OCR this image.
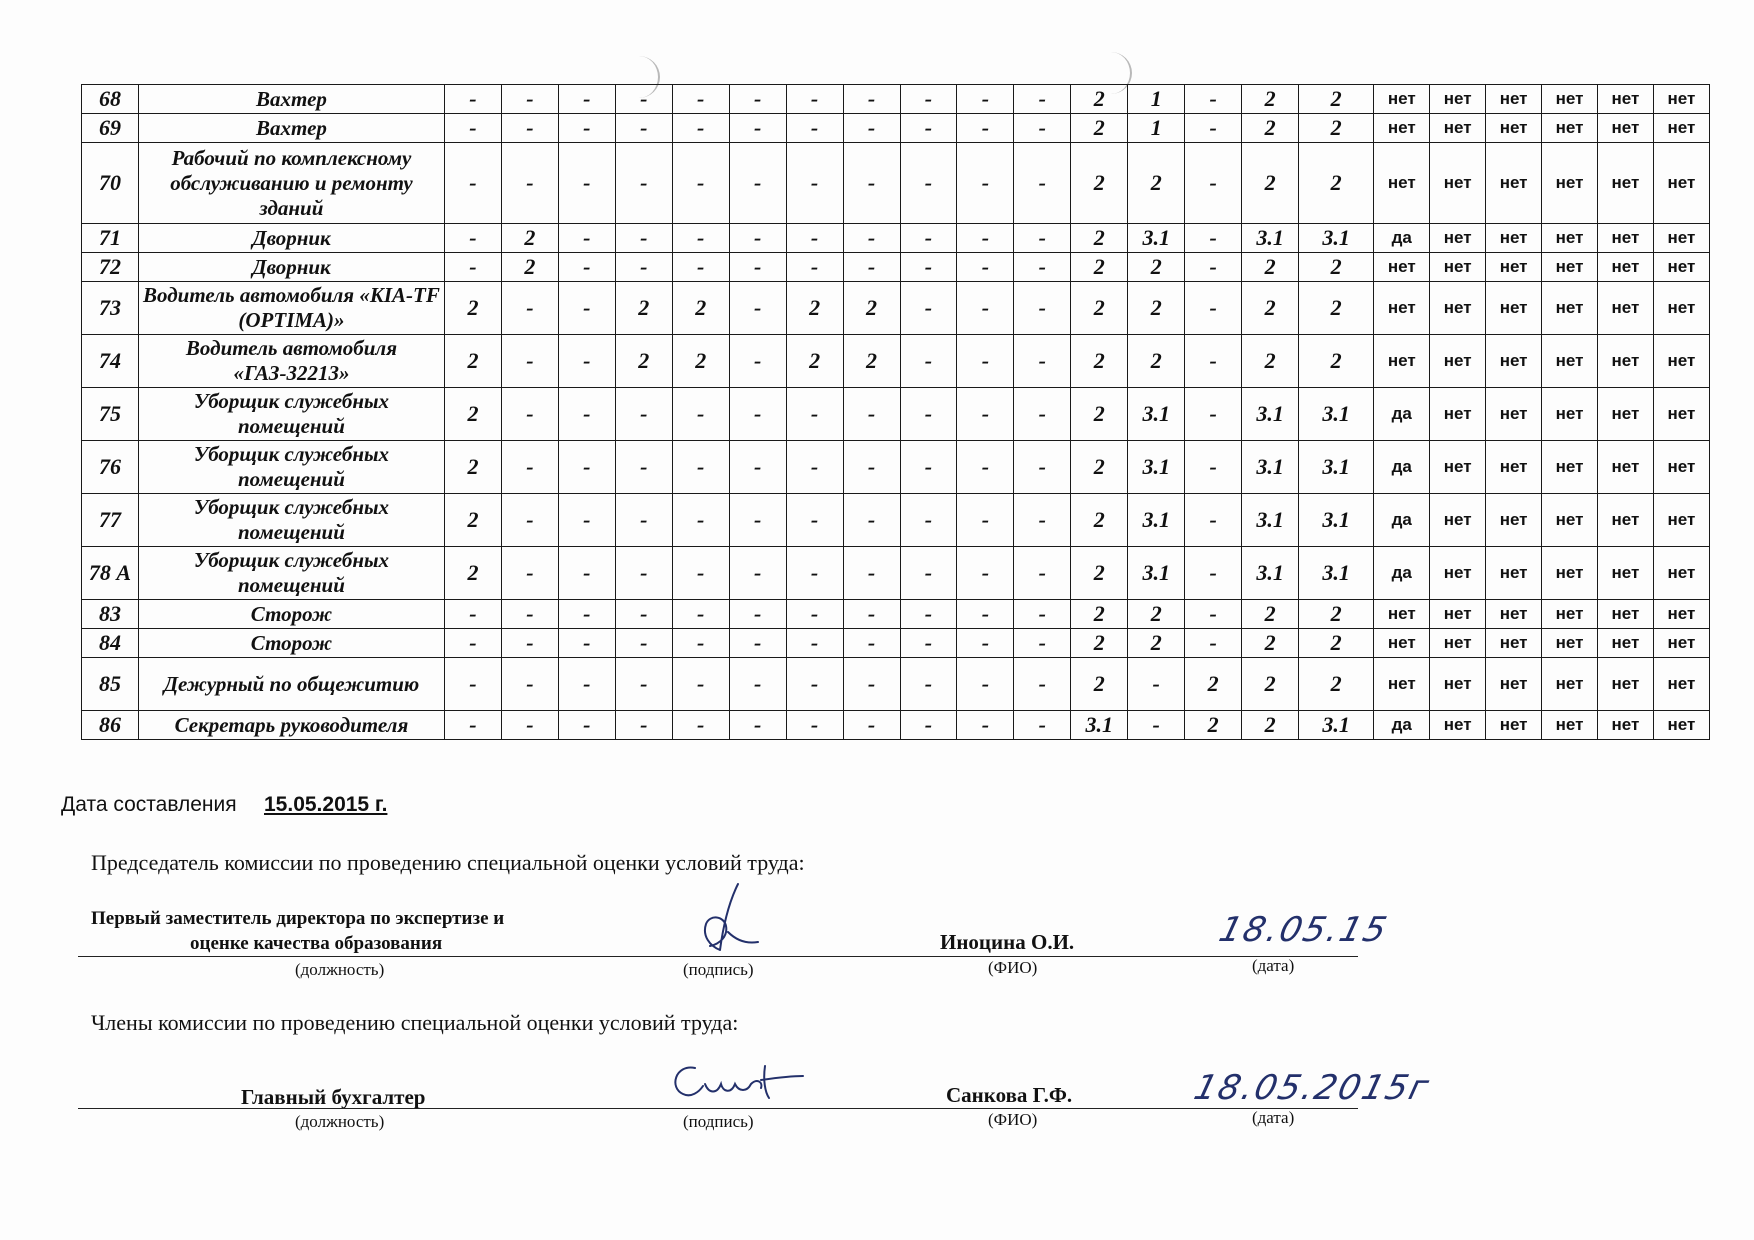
68	Вахтер	-	-	-	-	-	-	-	-	-	-	-	2	1	-	2	2	нет	нет	нет	нет	нет	нет
69	Вахтер	-	-	-	-	-	-	-	-	-	-	-	2	1	-	2	2	нет	нет	нет	нет	нет	нет
70	Рабочий по комплексному обслуживанию и ремонту зданий	-	-	-	-	-	-	-	-	-	-	-	2	2	-	2	2	нет	нет	нет	нет	нет	нет
71	Дворник	-	2	-	-	-	-	-	-	-	-	-	2	3.1	-	3.1	3.1	да	нет	нет	нет	нет	нет
72	Дворник	-	2	-	-	-	-	-	-	-	-	-	2	2	-	2	2	нет	нет	нет	нет	нет	нет
73	Водитель автомобиля «KIA-TF (OPTIMA)»	2	-	-	2	2	-	2	2	-	-	-	2	2	-	2	2	нет	нет	нет	нет	нет	нет
74	Водитель автомобиля «ГАЗ-32213»	2	-	-	2	2	-	2	2	-	-	-	2	2	-	2	2	нет	нет	нет	нет	нет	нет
75	Уборщик служебных помещений	2	-	-	-	-	-	-	-	-	-	-	2	3.1	-	3.1	3.1	да	нет	нет	нет	нет	нет
76	Уборщик служебных помещений	2	-	-	-	-	-	-	-	-	-	-	2	3.1	-	3.1	3.1	да	нет	нет	нет	нет	нет
77	Уборщик служебных помещений	2	-	-	-	-	-	-	-	-	-	-	2	3.1	-	3.1	3.1	да	нет	нет	нет	нет	нет
78 А	Уборщик служебных помещений	2	-	-	-	-	-	-	-	-	-	-	2	3.1	-	3.1	3.1	да	нет	нет	нет	нет	нет
83	Сторож	-	-	-	-	-	-	-	-	-	-	-	2	2	-	2	2	нет	нет	нет	нет	нет	нет
84	Сторож	-	-	-	-	-	-	-	-	-	-	-	2	2	-	2	2	нет	нет	нет	нет	нет	нет
85	Дежурный по общежитию	-	-	-	-	-	-	-	-	-	-	-	2	-	2	2	2	нет	нет	нет	нет	нет	нет
86	Секретарь руководителя	-	-	-	-	-	-	-	-	-	-	-	3.1	-	2	2	3.1	да	нет	нет	нет	нет	нет
Дата составления 15.05.2015 г.
Председатель комиссии по проведению специальной оценки условий труда:
Первый заместитель директора по экспертизе и
оценке качества образования	Иноцина О.И.	18.05.15
(должность)	(подпись)	(ФИО)	(дата)
Члены комиссии по проведению специальной оценки условий труда:
Главный бухгалтер	Санкова Г.Ф.	18.05.2015г
(должность)	(подпись)	(ФИО)	(дата)
